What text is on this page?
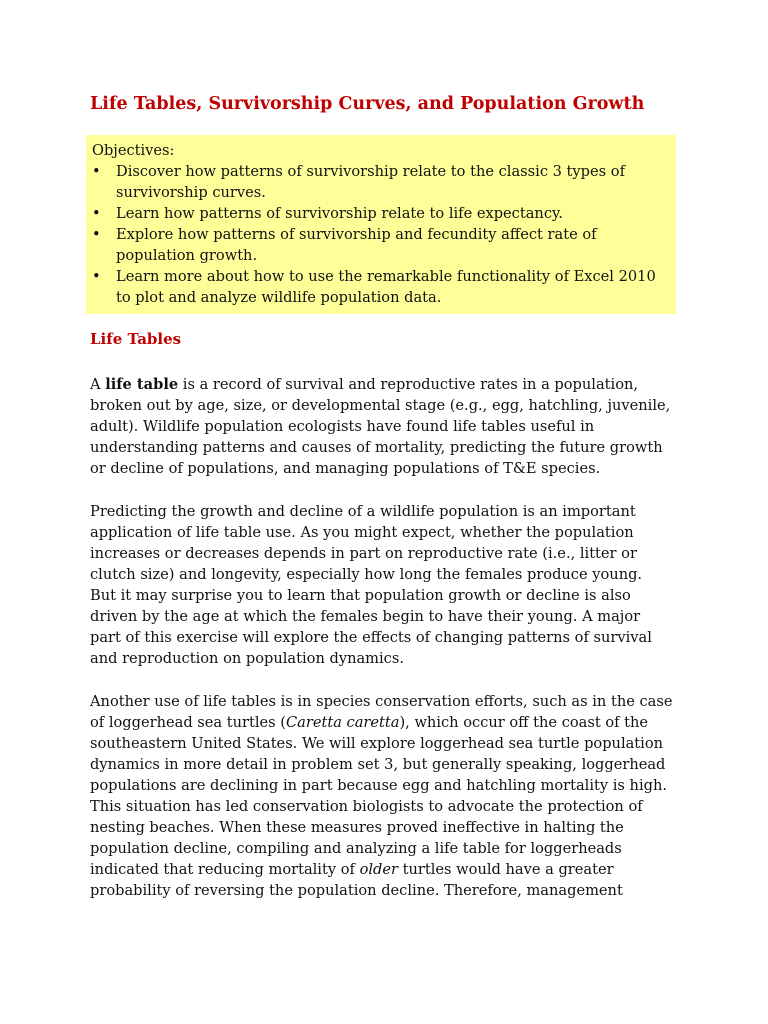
Life Tables, Survivorship Curves, and Population Growth
Objectives:
• Discover how patterns of survivorship relate to the classic 3 types of
survivorship curves.
• Learn how patterns of survivorship relate to life expectancy.
• Explore how patterns of survivorship and fecundity affect rate of
population growth.
• Learn more about how to use the remarkable functionality of Excel 2010
to plot and analyze wildlife population data.
Life Tables

A life table is a record of survival and reproductive rates in a population,
broken out by age, size, or developmental stage (e.g., egg, hatchling, juvenile,
adult). Wildlife population ecologists have found life tables useful in
understanding patterns and causes of mortality, predicting the future growth
or decline of populations, and managing populations of T&E species.

Predicting the growth and decline of a wildlife population is an important
application of life table use. As you might expect, whether the population
increases or decreases depends in part on reproductive rate (i.e., litter or
clutch size) and longevity, especially how long the females produce young.
But it may surprise you to learn that population growth or decline is also
driven by the age at which the females begin to have their young. A major
part of this exercise will explore the effects of changing patterns of survival
and reproduction on population dynamics.

Another use of life tables is in species conservation efforts, such as in the case
of loggerhead sea turtles (Caretta caretta), which occur off the coast of the
southeastern United States. We will explore loggerhead sea turtle population
dynamics in more detail in problem set 3, but generally speaking, loggerhead
populations are declining in part because egg and hatchling mortality is high.
This situation has led conservation biologists to advocate the protection of
nesting beaches. When these measures proved ineffective in halting the
population decline, compiling and analyzing a life table for loggerheads
indicated that reducing mortality of older turtles would have a greater
probability of reversing the population decline. Therefore, management
